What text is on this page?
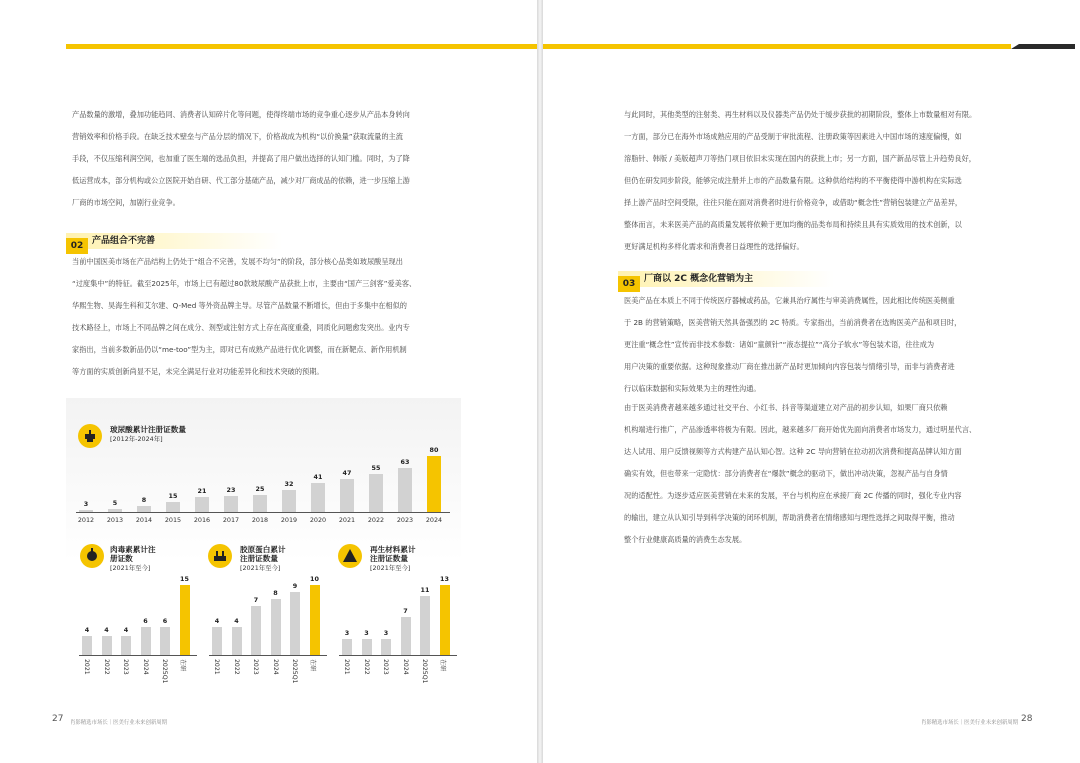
产品数量的激增，叠加功能趋同、消费者认知碎片化等问题，使得终端市场的竞争重心逐步从产品本身转向

营销效率和价格手段。在缺乏技术壁垒与产品分层的情况下，价格战成为机构“以价换量”获取流量的主流

手段，不仅压缩利润空间，也加重了医生端的选品负担，并提高了用户做出选择的认知门槛。同时，为了降

低运营成本，部分机构或公立医院开始自研、代工部分基础产品，减少对厂商成品的依赖，进一步压缩上游

厂商的市场空间，加剧行业竞争。

02 产品组合不完善

当前中国医美市场在产品结构上仍处于“组合不完善，发展不均匀”的阶段，部分核心品类如玻尿酸呈现出

“过度集中”的特征。截至2025年，市场上已有超过80款玻尿酸产品获批上市，主要由“国产三剑客”爱美客、

华熙生物、昊海生科和艾尔建、Q-Med 等外资品牌主导。尽管产品数量不断增长，但由于多集中在相似的

技术路径上，市场上不同品牌之间在成分、剂型或注射方式上存在高度重叠，同质化问题愈发突出。业内专

家指出，当前多数新品仍以“me-too”型为主，即对已有成熟产品进行优化调整，而在新靶点、新作用机制

等方面的实质创新尚显不足，未完全满足行业对功能差异化和技术突破的预期。

玻尿酸累计注册证数量
[2012年-2024年]
肉毒素累计注
册证数
[2021年至今]
胶原蛋白累计
注册证数量
[2021年至今]
再生材料累计
注册证数量
[2021年至今]
3
2012
5
2013
8
2014
15
2015
21
2016
23
2017
25
2018
32
2019
41
2020
47
2021
55
2022
63
2023
80
2024
4
2021
4
2022
4
2023
6
2024
6
2025Q1
15
在研
4
2021
4
2022
7
2023
8
2024
9
2025Q1
10
在研
3
2021
3
2022
3
2023
7
2024
11
2025Q1
13
在研
27 肖影精选市场长｜医美行业未来创新周期

与此同时，其他类型的注射类、再生材料以及仪器类产品仍处于缓步获批的初期阶段，整体上市数量相对有限。

一方面，部分已在海外市场成熟应用的产品受制于审批流程、注册政策等因素进入中国市场的速度偏慢，如

溶脂针、韩版 / 美版超声刀等热门项目依旧未实现在国内的获批上市；另一方面，国产新品尽管上升趋势良好，

但仍在研发同步阶段，能够完成注册并上市的产品数量有限。这种供给结构的不平衡使得中游机构在实际选

择上游产品时空间受限，往往只能在面对消费者时进行价格竞争，或借助“概念性”营销包装建立产品差异，

整体而言，未来医美产品的高质量发展将依赖于更加均衡的品类布局和持续且具有实质效用的技术创新，以

更好满足机构多样化需求和消费者日益理性的选择偏好。

03 厂商以 2C 概念化营销为主

医美产品在本质上不同于传统医疗器械或药品，它兼具治疗属性与审美消费属性，因此相比传统医美侧重

于 2B 的营销策略，医美营销天然具备强烈的 2C 特质。专家指出，当前消费者在选购医美产品和项目时，

更注重“概念性”宣传而非技术参数：诸如“童颜针”“液态提拉”“高分子软水”等包装术语，往往成为

用户决策的重要依据。这种现象推动厂商在推出新产品时更加倾向内容包装与情绪引导，而非与消费者进

行以临床数据和实际效果为主的理性沟通。

由于医美消费者越来越多通过社交平台、小红书、抖音等渠道建立对产品的初步认知，如果厂商只依赖

机构端进行推广，产品渗透率将极为有限。因此，越来越多厂商开始优先面向消费者市场发力，通过明星代言、

达人试用、用户反馈视频等方式构建产品认知心智。这种 2C 导向营销在拉动初次消费和提高品牌认知方面

确实有效，但也带来一定隐忧：部分消费者在“爆款”概念的驱动下，做出冲动决策，忽视产品与自身情

况的适配性。为逐步适应医美营销在未来的发展，平台与机构应在承接厂商 2C 传播的同时，强化专业内容

的输出，建立从认知引导到科学决策的闭环机制，帮助消费者在情绪感知与理性选择之间取得平衡，推动

整个行业健康高质量的消费生态发展。

肖影精选市场长｜医美行业未来创新周期 28
